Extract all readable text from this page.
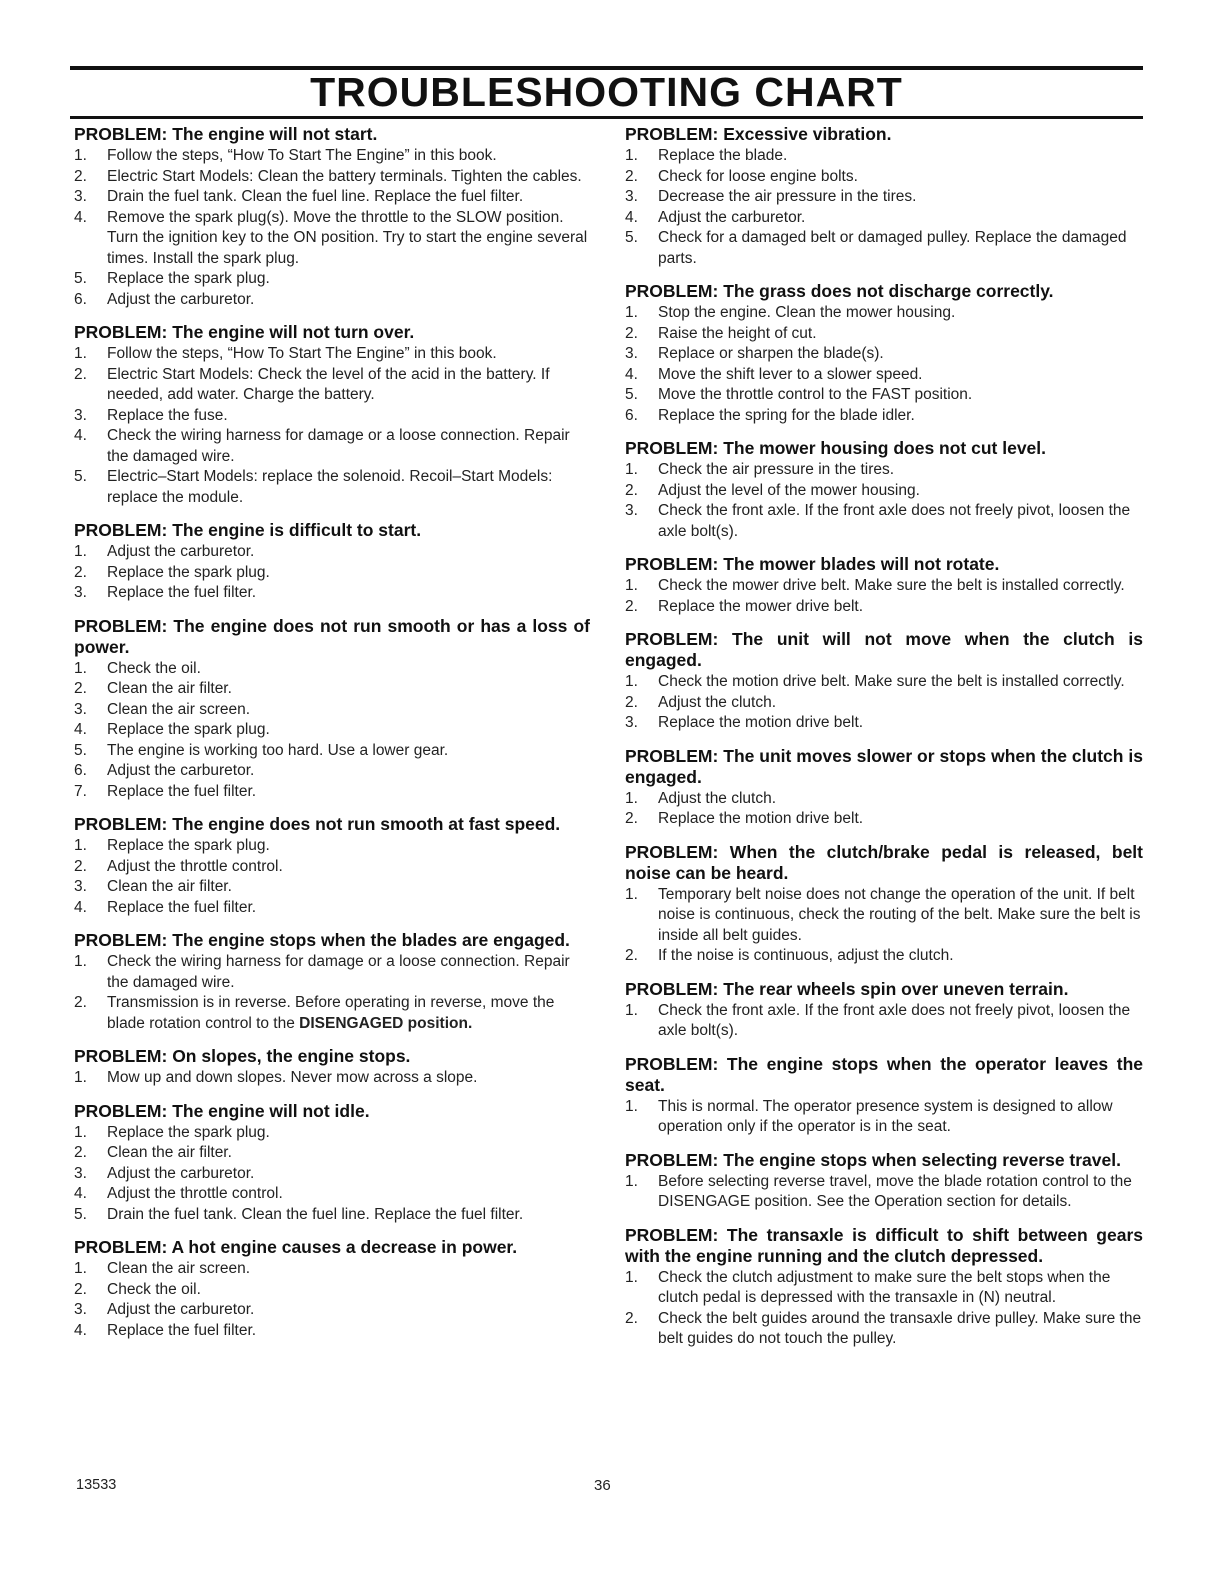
TROUBLESHOOTING CHART
PROBLEM: The engine will not start.
1. Follow the steps, “How To Start The Engine” in this book.
2. Electric Start Models: Clean the battery terminals. Tighten the cables.
3. Drain the fuel tank. Clean the fuel line. Replace the fuel filter.
4. Remove the spark plug(s). Move the throttle to the SLOW position. Turn the ignition key to the ON position. Try to start the engine several times. Install the spark plug.
5. Replace the spark plug.
6. Adjust the carburetor.
PROBLEM: The engine will not turn over.
1. Follow the steps, “How To Start The Engine” in this book.
2. Electric Start Models: Check the level of the acid in the battery. If needed, add water. Charge the battery.
3. Replace the fuse.
4. Check the wiring harness for damage or a loose connection. Repair the damaged wire.
5. Electric–Start Models: replace the solenoid. Recoil–Start Models: replace the module.
PROBLEM: The engine is difficult to start.
1. Adjust the carburetor.
2. Replace the spark plug.
3. Replace the fuel filter.
PROBLEM: The engine does not run smooth or has a loss of power.
1. Check the oil.
2. Clean the air filter.
3. Clean the air screen.
4. Replace the spark plug.
5. The engine is working too hard. Use a lower gear.
6. Adjust the carburetor.
7. Replace the fuel filter.
PROBLEM: The engine does not run smooth at fast speed.
1. Replace the spark plug.
2. Adjust the throttle control.
3. Clean the air filter.
4. Replace the fuel filter.
PROBLEM: The engine stops when the blades are engaged.
1. Check the wiring harness for damage or a loose connection. Repair the damaged wire.
2. Transmission is in reverse. Before operating in reverse, move the blade rotation control to the DISENGAGED position.
PROBLEM: On slopes, the engine stops.
1. Mow up and down slopes. Never mow across a slope.
PROBLEM: The engine will not idle.
1. Replace the spark plug.
2. Clean the air filter.
3. Adjust the carburetor.
4. Adjust the throttle control.
5. Drain the fuel tank. Clean the fuel line. Replace the fuel filter.
PROBLEM: A hot engine causes a decrease in power.
1. Clean the air screen.
2. Check the oil.
3. Adjust the carburetor.
4. Replace the fuel filter.
PROBLEM: Excessive vibration.
1. Replace the blade.
2. Check for loose engine bolts.
3. Decrease the air pressure in the tires.
4. Adjust the carburetor.
5. Check for a damaged belt or damaged pulley. Replace the damaged parts.
PROBLEM: The grass does not discharge correctly.
1. Stop the engine. Clean the mower housing.
2. Raise the height of cut.
3. Replace or sharpen the blade(s).
4. Move the shift lever to a slower speed.
5. Move the throttle control to the FAST position.
6. Replace the spring for the blade idler.
PROBLEM: The mower housing does not cut level.
1. Check the air pressure in the tires.
2. Adjust the level of the mower housing.
3. Check the front axle. If the front axle does not freely pivot, loosen the axle bolt(s).
PROBLEM: The mower blades will not rotate.
1. Check the mower drive belt. Make sure the belt is installed correctly.
2. Replace the mower drive belt.
PROBLEM: The unit will not move when the clutch is engaged.
1. Check the motion drive belt. Make sure the belt is installed correctly.
2. Adjust the clutch.
3. Replace the motion drive belt.
PROBLEM: The unit moves slower or stops when the clutch is engaged.
1. Adjust the clutch.
2. Replace the motion drive belt.
PROBLEM: When the clutch/brake pedal is released, belt noise can be heard.
1. Temporary belt noise does not change the operation of the unit. If belt noise is continuous, check the routing of the belt. Make sure the belt is inside all belt guides.
2. If the noise is continuous, adjust the clutch.
PROBLEM: The rear wheels spin over uneven terrain.
1. Check the front axle. If the front axle does not freely pivot, loosen the axle bolt(s).
PROBLEM: The engine stops when the operator leaves the seat.
1. This is normal. The operator presence system is designed to allow operation only if the operator is in the seat.
PROBLEM: The engine stops when selecting reverse travel.
1. Before selecting reverse travel, move the blade rotation control to the DISENGAGE position. See the Operation section for details.
PROBLEM: The transaxle is difficult to shift between gears with the engine running and the clutch depressed.
1. Check the clutch adjustment to make sure the belt stops when the clutch pedal is depressed with the transaxle in (N) neutral.
2. Check the belt guides around the transaxle drive pulley. Make sure the belt guides do not touch the pulley.
13533	36
